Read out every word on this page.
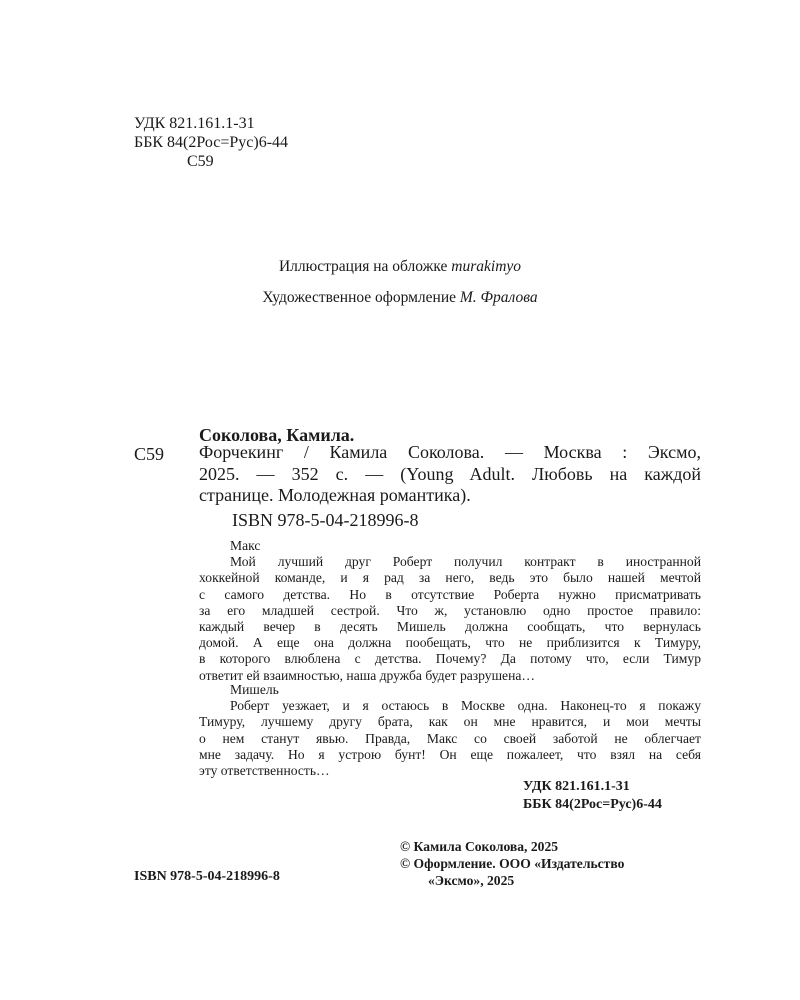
УДК 821.161.1-31
ББК 84(2Рос=Рус)6-44
С59
Иллюстрация на обложке murakimyo
Художественное оформление М. Фралова
Соколова, Камила.
С59 Форчекинг / Камила Соколова. — Москва : Эксмо,
2025. — 352 с. — (Young Adult. Любовь на каждой
странице. Молодежная романтика).
ISBN 978-5-04-218996-8
Макс
Мой лучший друг Роберт получил контракт в иностранной
хоккейной команде, и я рад за него, ведь это было нашей мечтой
с самого детства. Но в отсутствие Роберта нужно присматривать
за его младшей сестрой. Что ж, установлю одно простое правило:
каждый вечер в десять Мишель должна сообщать, что вернулась
домой. А еще она должна пообещать, что не приблизится к Тимуру,
в которого влюблена с детства. Почему? Да потому что, если Тимур
ответит ей взаимностью, наша дружба будет разрушена…
Мишель
Роберт уезжает, и я остаюсь в Москве одна. Наконец-то я покажу
Тимуру, лучшему другу брата, как он мне нравится, и мои мечты
о нем станут явью. Правда, Макс со своей заботой не облегчает
мне задачу. Но я устрою бунт! Он еще пожалеет, что взял на себя
эту ответственность…
УДК 821.161.1-31
ББК 84(2Рос=Рус)6-44
© Камила Соколова, 2025
© Оформление. ООО «Издательство
«Эксмо», 2025
ISBN 978-5-04-218996-8
